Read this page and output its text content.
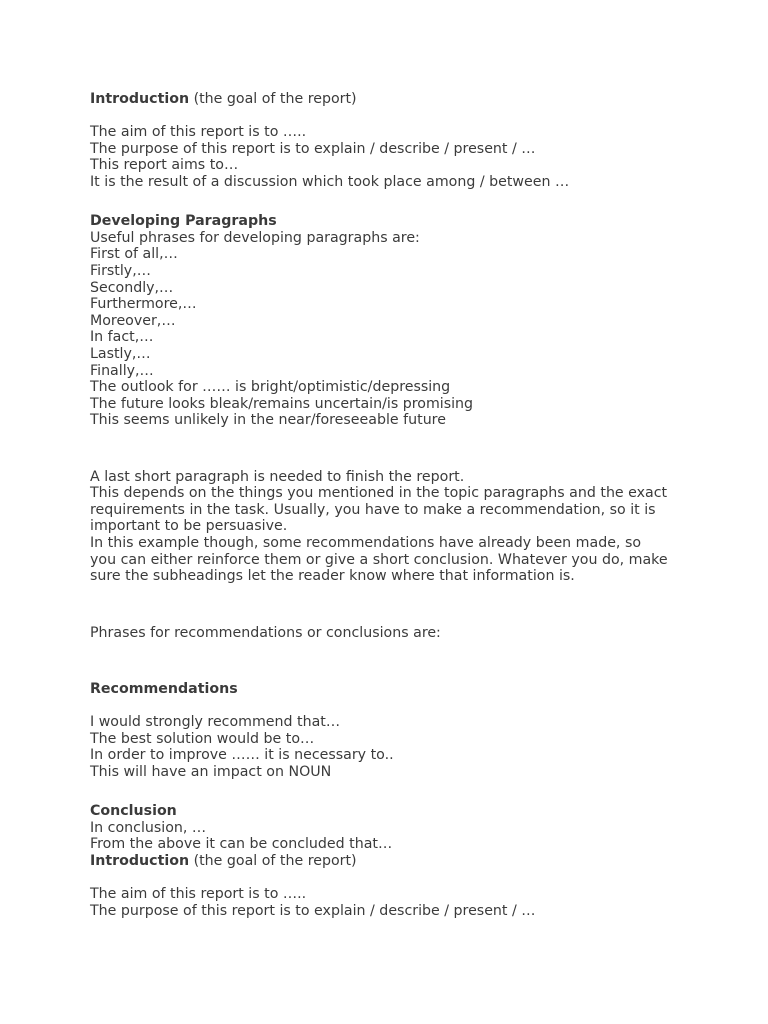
Introduction (the goal of the report)
The aim of this report is to …..
The purpose of this report is to explain / describe / present / …
This report aims to…
It is the result of a discussion which took place among / between …
Developing Paragraphs
Useful phrases for developing paragraphs are:
First of all,…
Firstly,…
Secondly,…
Furthermore,…
Moreover,…
In fact,…
Lastly,…
Finally,…
The outlook for …… is bright/optimistic/depressing
The future looks bleak/remains uncertain/is promising
This seems unlikely in the near/foreseeable future
A last short paragraph is needed to finish the report.
This depends on the things you mentioned in the topic paragraphs and the exact requirements in the task. Usually, you have to make a recommendation, so it is important to be persuasive.
In this example though, some recommendations have already been made, so you can either reinforce them or give a short conclusion. Whatever you do, make sure the subheadings let the reader know where that information is.
Phrases for recommendations or conclusions are:
Recommendations
I would strongly recommend that…
The best solution would be to…
In order to improve …… it is necessary to..
This will have an impact on NOUN
Conclusion
In conclusion, …
From the above it can be concluded that…
Introduction (the goal of the report)
The aim of this report is to …..
The purpose of this report is to explain / describe / present / …
